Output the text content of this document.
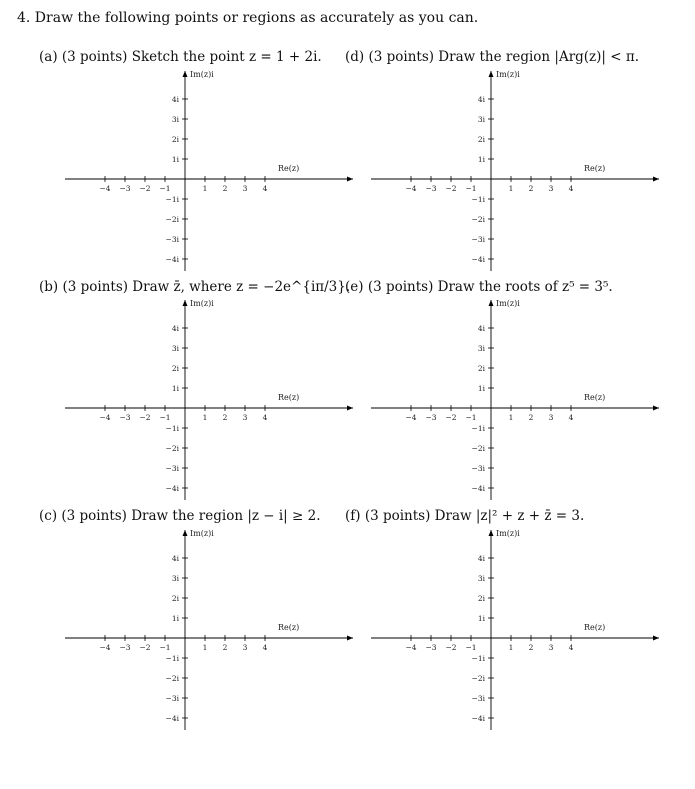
4. Draw the following points or regions as accurately as you can.
(a) (3 points) Sketch the point z = 1 + 2i. (d) (3 points) Draw the region |Arg(z)| < π.
(b) (3 points) Draw z̄, where z = −2e^{iπ/3}.
(e) (3 points) Draw the roots of z⁵ = 3⁵.
(c) (3 points) Draw the region |z − i| ≥ 2. (f) (3 points) Draw |z|² + z + z̄ = 3.
Re(z)
Im(z)i
−4 −3 −2 −1	1 2 3 4
4i
3i
2i
1i
−1i
−2i
−3i
−4i
Re(z)
Im(z)i
−4 −3 −2 −1	1 2 3 4
4i
3i
2i
1i
−1i
−2i
−3i
−4i
Re(z)
Im(z)i
−4 −3 −2 −1	1 2 3 4
4i
3i
2i
1i
−1i
−2i
−3i
−4i
Re(z)
Im(z)i
−4 −3 −2 −1	1 2 3 4
4i
3i
2i
1i
−1i
−2i
−3i
−4i
Re(z)
Im(z)i
−4 −3 −2 −1	1 2 3 4
4i
3i
2i
1i
−1i
−2i
−3i
−4i
Re(z)
Im(z)i
−4 −3 −2 −1	1 2 3 4
4i
3i
2i
1i
−1i
−2i
−3i
−4i
